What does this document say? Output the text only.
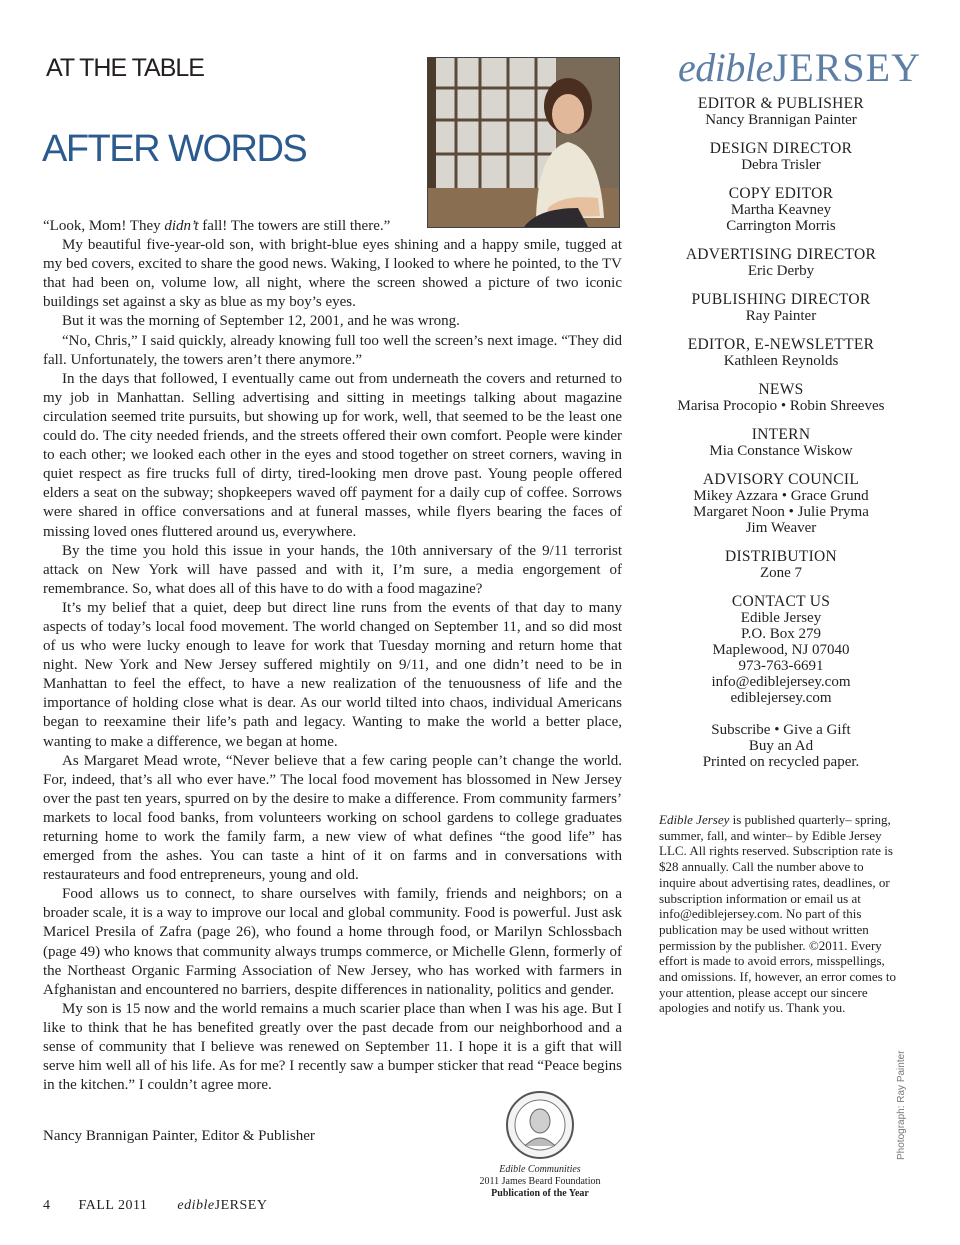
AT THE TABLE
AFTER WORDS

“Look, Mom! They didn’t fall! The towers are still there.”

My beautiful five-year-old son, with bright-blue eyes shining and a happy smile, tugged at my bed covers, excited to share the good news. Waking, I looked to where he pointed, to the TV that had been on, volume low, all night, where the screen showed a picture of two iconic buildings set against a sky as blue as my boy’s eyes.

But it was the morning of September 12, 2001, and he was wrong.

“No, Chris,” I said quickly, already knowing full too well the screen’s next image. “They did fall. Unfortunately, the towers aren’t there anymore.”

In the days that followed, I eventually came out from underneath the covers and returned to my job in Manhattan. Selling advertising and sitting in meetings talking about magazine circulation seemed trite pursuits, but showing up for work, well, that seemed to be the least one could do. The city needed friends, and the streets offered their own comfort. People were kinder to each other; we looked each other in the eyes and stood together on street corners, waving in quiet respect as fire trucks full of dirty, tired-looking men drove past. Young people offered elders a seat on the subway; shopkeepers waved off payment for a daily cup of coffee. Sorrows were shared in office conversations and at funeral masses, while flyers bearing the faces of missing loved ones fluttered around us, everywhere.

By the time you hold this issue in your hands, the 10th anniversary of the 9/11 terrorist attack on New York will have passed and with it, I’m sure, a media engorgement of remembrance. So, what does all of this have to do with a food magazine?

It’s my belief that a quiet, deep but direct line runs from the events of that day to many aspects of today’s local food movement. The world changed on September 11, and so did most of us who were lucky enough to leave for work that Tuesday morning and return home that night. New York and New Jersey suffered mightily on 9/11, and one didn’t need to be in Manhattan to feel the effect, to have a new realization of the tenuousness of life and the importance of holding close what is dear. As our world tilted into chaos, individual Americans began to reexamine their life’s path and legacy. Wanting to make the world a better place, wanting to make a difference, we began at home.

As Margaret Mead wrote, “Never believe that a few caring people can’t change the world. For, indeed, that’s all who ever have.” The local food movement has blossomed in New Jersey over the past ten years, spurred on by the desire to make a difference. From community farmers’ markets to local food banks, from volunteers working on school gardens to college graduates returning home to work the family farm, a new view of what defines “the good life” has emerged from the ashes. You can taste a hint of it on farms and in conversations with restaurateurs and food entrepreneurs, young and old.

Food allows us to connect, to share ourselves with family, friends and neighbors; on a broader scale, it is a way to improve our local and global community. Food is powerful. Just ask Maricel Presila of Zafra (page 26), who found a home through food, or Marilyn Schlossbach (page 49) who knows that community always trumps commerce, or Michelle Glenn, formerly of the Northeast Organic Farming Association of New Jersey, who has worked with farmers in Afghanistan and encountered no barriers, despite differences in nationality, politics and gender.

My son is 15 now and the world remains a much scarier place than when I was his age. But I like to think that he has benefited greatly over the past decade from our neighborhood and a sense of community that I believe was renewed on September 11. I hope it is a gift that will serve him well all of his life. As for me? I recently saw a bumper sticker that read “Peace begins in the kitchen.” I couldn’t agree more.

Nancy Brannigan Painter, Editor & Publisher
Edible Communities
2011 James Beard Foundation
Publication of the Year
4 FALL 2011 edibleJERSEY
edibleJERSEY
EDITOR & PUBLISHER
Nancy Brannigan Painter
DESIGN DIRECTOR
Debra Trisler
COPY EDITOR
Martha Keavney
Carrington Morris
ADVERTISING DIRECTOR
Eric Derby
PUBLISHING DIRECTOR
Ray Painter
EDITOR, E-NEWSLETTER
Kathleen Reynolds
NEWS
Marisa Procopio • Robin Shreeves
INTERN
Mia Constance Wiskow
ADVISORY COUNCIL
Mikey Azzara • Grace Grund
Margaret Noon • Julie Pryma
Jim Weaver
DISTRIBUTION
Zone 7
CONTACT US
Edible Jersey
P.O. Box 279
Maplewood, NJ 07040
973-763-6691
info@ediblejersey.com
ediblejersey.com
Subscribe • Give a Gift
Buy an Ad
Printed on recycled paper.
Edible Jersey is published quarterly– spring, summer, fall, and winter– by Edible Jersey LLC. All rights reserved. Subscription rate is $28 annually. Call the number above to inquire about advertising rates, deadlines, or subscription information or email us at info@ediblejersey.com. No part of this publication may be used without written permission by the publisher. ©2011. Every effort is made to avoid errors, misspellings, and omissions. If, however, an error comes to your attention, please accept our sincere apologies and notify us. Thank you.
Photograph: Ray Painter
